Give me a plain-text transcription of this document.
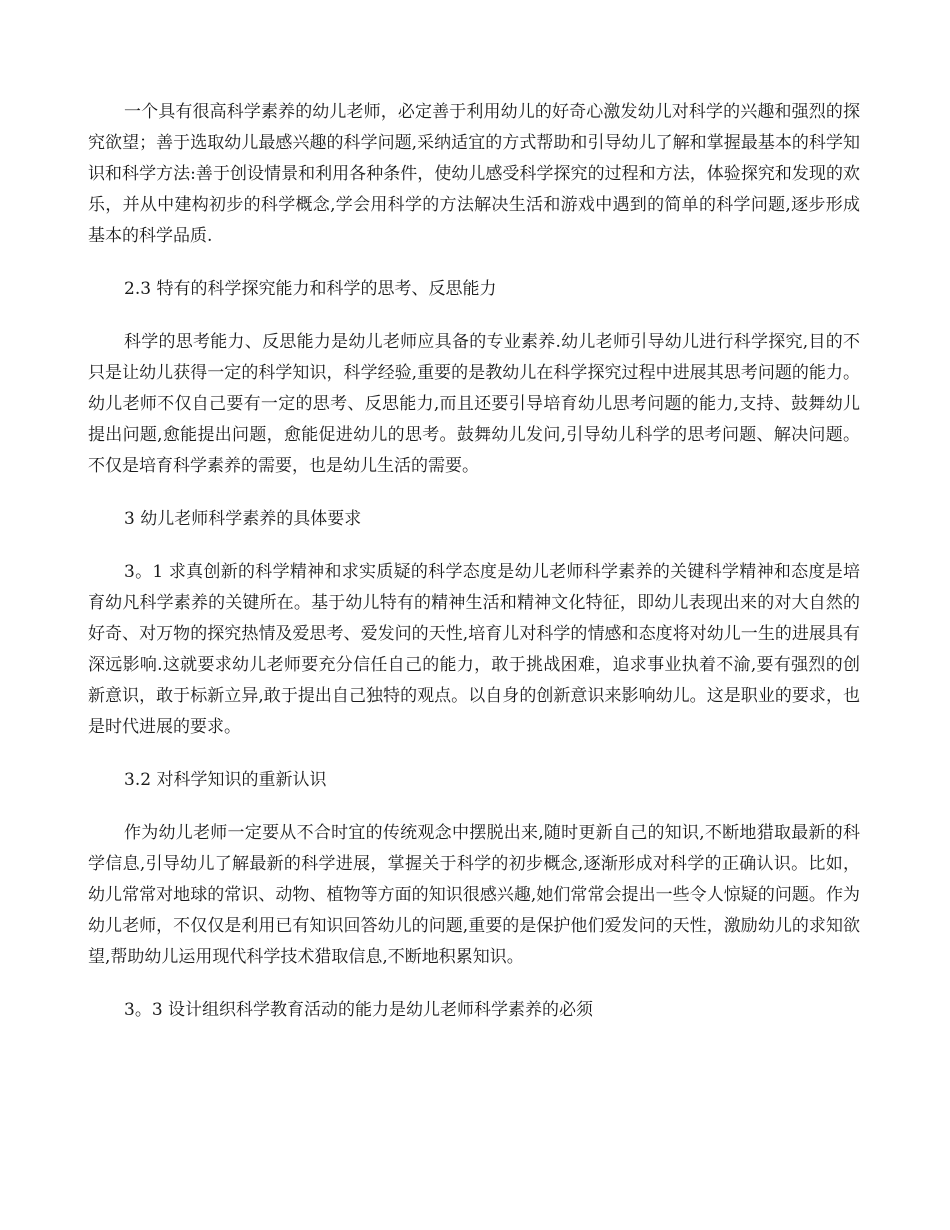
一个具有很高科学素养的幼儿老师，必定善于利用幼儿的好奇心激发幼儿对科学的兴趣和强烈的探究欲望；善于选取幼儿最感兴趣的科学问题,采纳适宜的方式帮助和引导幼儿了解和掌握最基本的科学知识和科学方法:善于创设情景和利用各种条件，使幼儿感受科学探究的过程和方法，体验探究和发现的欢乐，并从中建构初步的科学概念,学会用科学的方法解决生活和游戏中遇到的简单的科学问题,逐步形成基本的科学品质.

2.3 特有的科学探究能力和科学的思考、反思能力

科学的思考能力、反思能力是幼儿老师应具备的专业素养.幼儿老师引导幼儿进行科学探究,目的不只是让幼儿获得一定的科学知识，科学经验,重要的是教幼儿在科学探究过程中进展其思考问题的能力。幼儿老师不仅自己要有一定的思考、反思能力,而且还要引导培育幼儿思考问题的能力,支持、鼓舞幼儿提出问题,愈能提出问题，愈能促进幼儿的思考。鼓舞幼儿发问,引导幼儿科学的思考问题、解决问题。不仅是培育科学素养的需要，也是幼儿生活的需要。

3 幼儿老师科学素养的具体要求

3。1 求真创新的科学精神和求实质疑的科学态度是幼儿老师科学素养的关键科学精神和态度是培育幼凡科学素养的关键所在。基于幼儿特有的精神生活和精神文化特征，即幼儿表现出来的对大自然的好奇、对万物的探究热情及爱思考、爱发问的天性,培育儿对科学的情感和态度将对幼儿一生的进展具有深远影响.这就要求幼儿老师要充分信任自己的能力，敢于挑战困难，追求事业执着不渝,要有强烈的创新意识，敢于标新立异,敢于提出自己独特的观点。以自身的创新意识来影响幼儿。这是职业的要求，也是时代进展的要求。

3.2 对科学知识的重新认识

作为幼儿老师一定要从不合时宜的传统观念中摆脱出来,随时更新自己的知识,不断地猎取最新的科学信息,引导幼儿了解最新的科学进展，掌握关于科学的初步概念,逐渐形成对科学的正确认识。比如，幼儿常常对地球的常识、动物、植物等方面的知识很感兴趣,她们常常会提出一些令人惊疑的问题。作为幼儿老师，不仅仅是利用已有知识回答幼儿的问题,重要的是保护他们爱发问的天性，激励幼儿的求知欲望,帮助幼儿运用现代科学技术猎取信息,不断地积累知识。

3。3 设计组织科学教育活动的能力是幼儿老师科学素养的必须
